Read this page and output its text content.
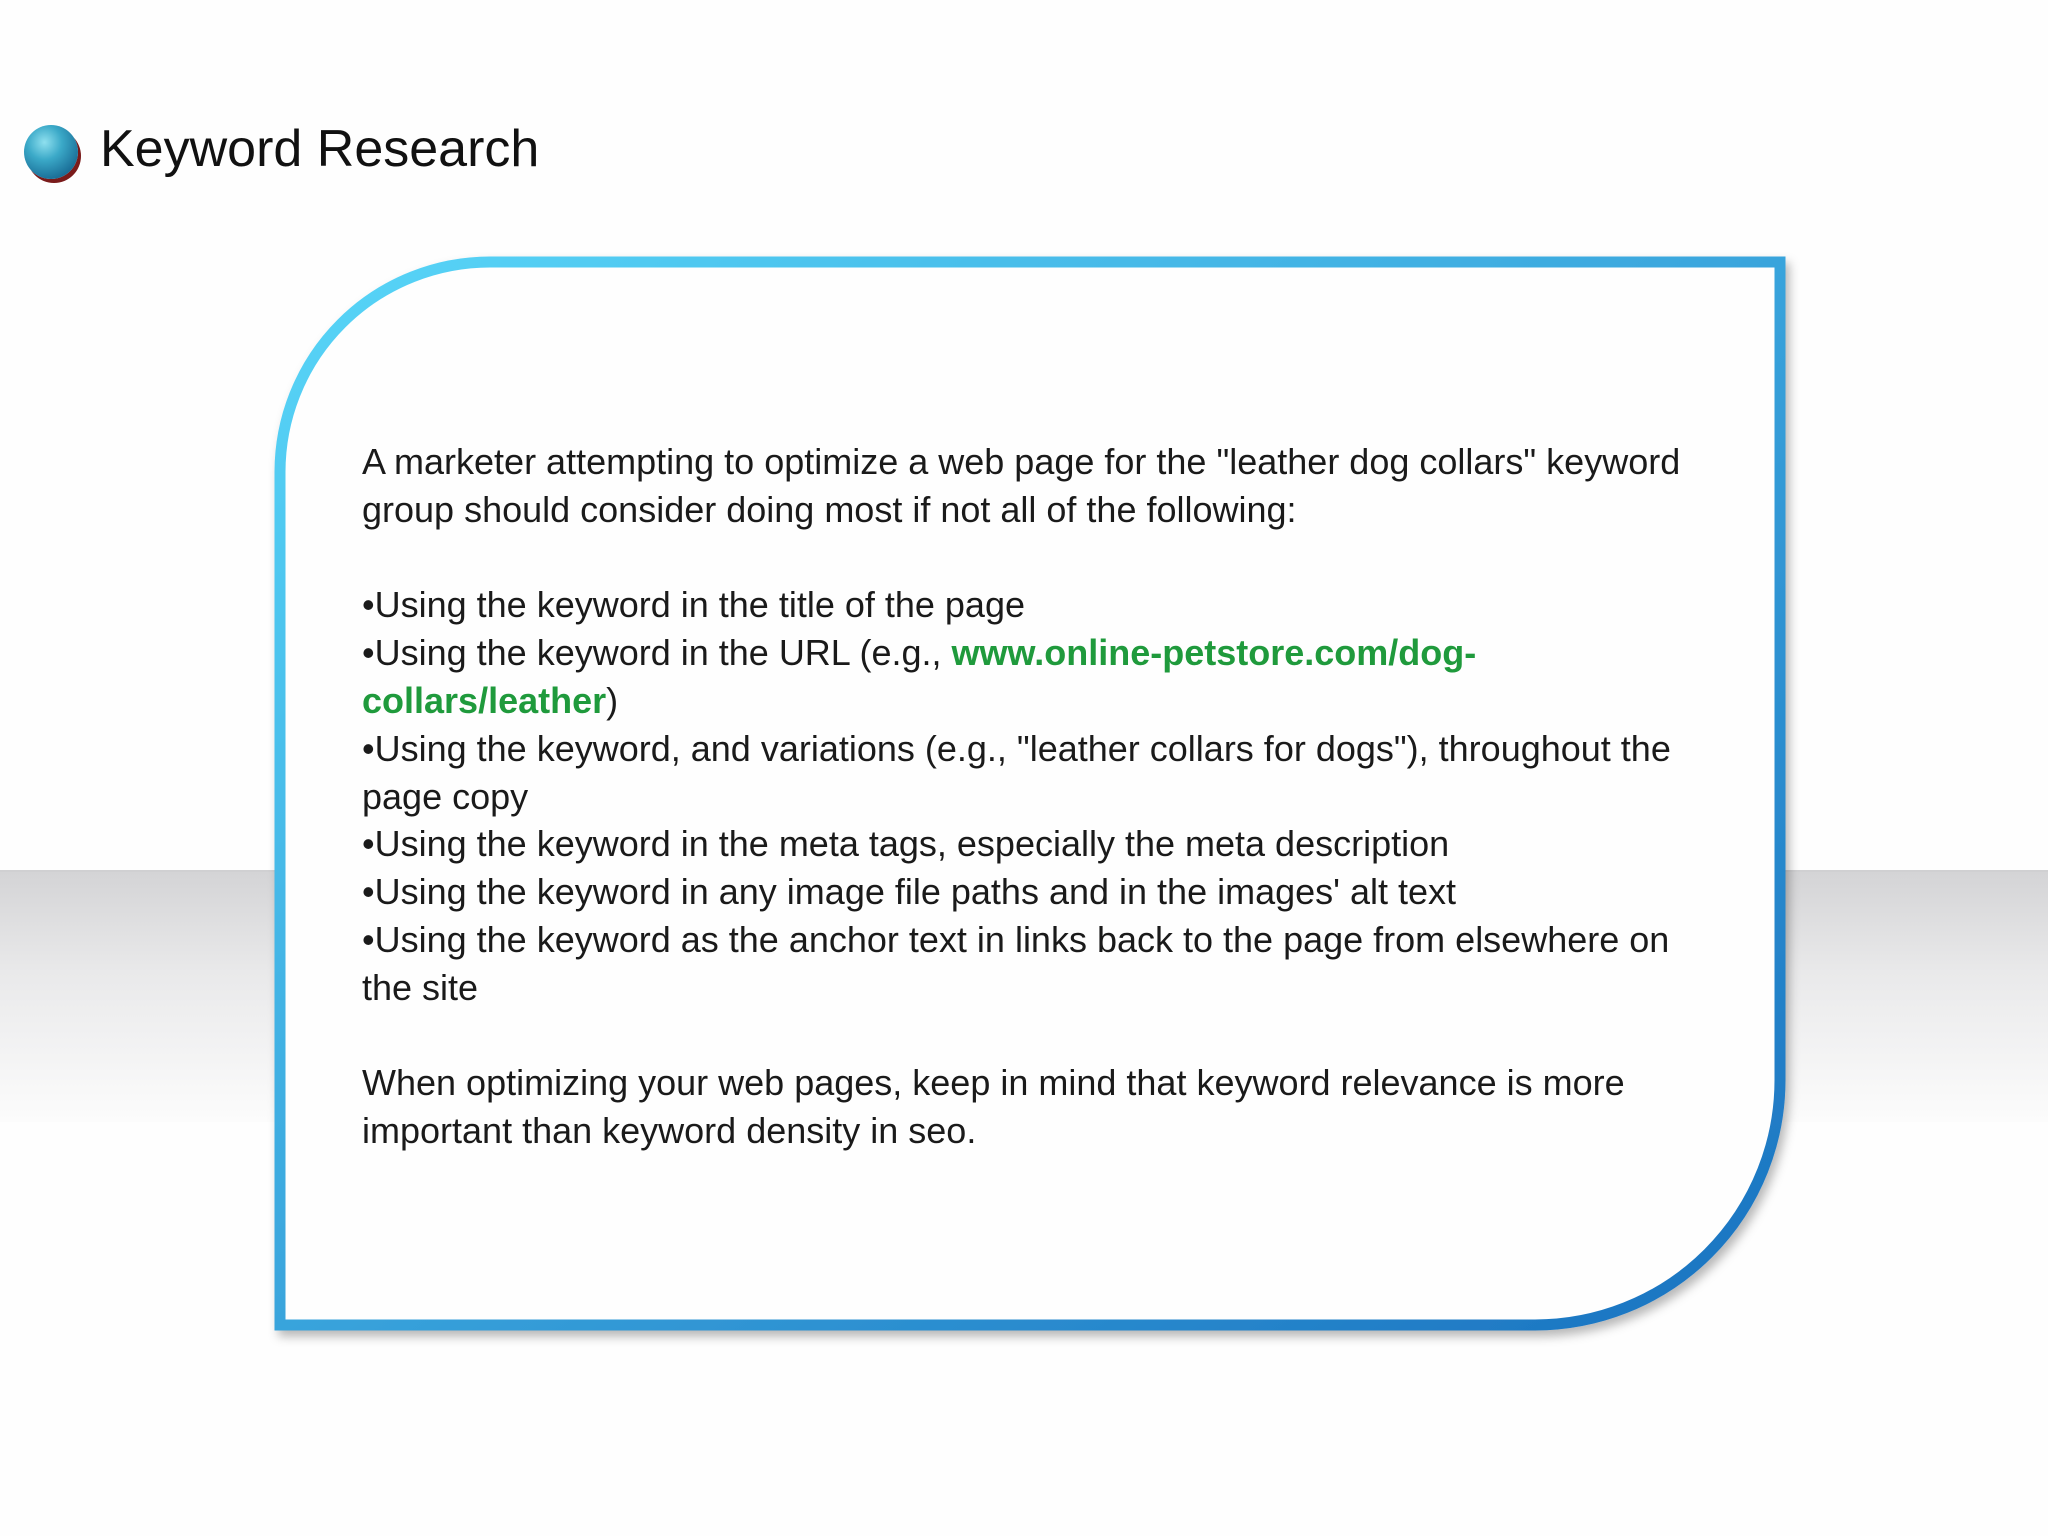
Keyword Research

A marketer attempting to optimize a web page for the "leather dog collars" keyword group should consider doing most if not all of the following:

•Using the keyword in the title of the page

•Using the keyword in the URL (e.g., www.online-petstore.com/dog-collars/leather)

•Using the keyword, and variations (e.g., "leather collars for dogs"), throughout the page copy

•Using the keyword in the meta tags, especially the meta description

•Using the keyword in any image file paths and in the images' alt text

•Using the keyword as the anchor text in links back to the page from elsewhere on the site

When optimizing your web pages, keep in mind that keyword relevance is more important than keyword density in seo.
